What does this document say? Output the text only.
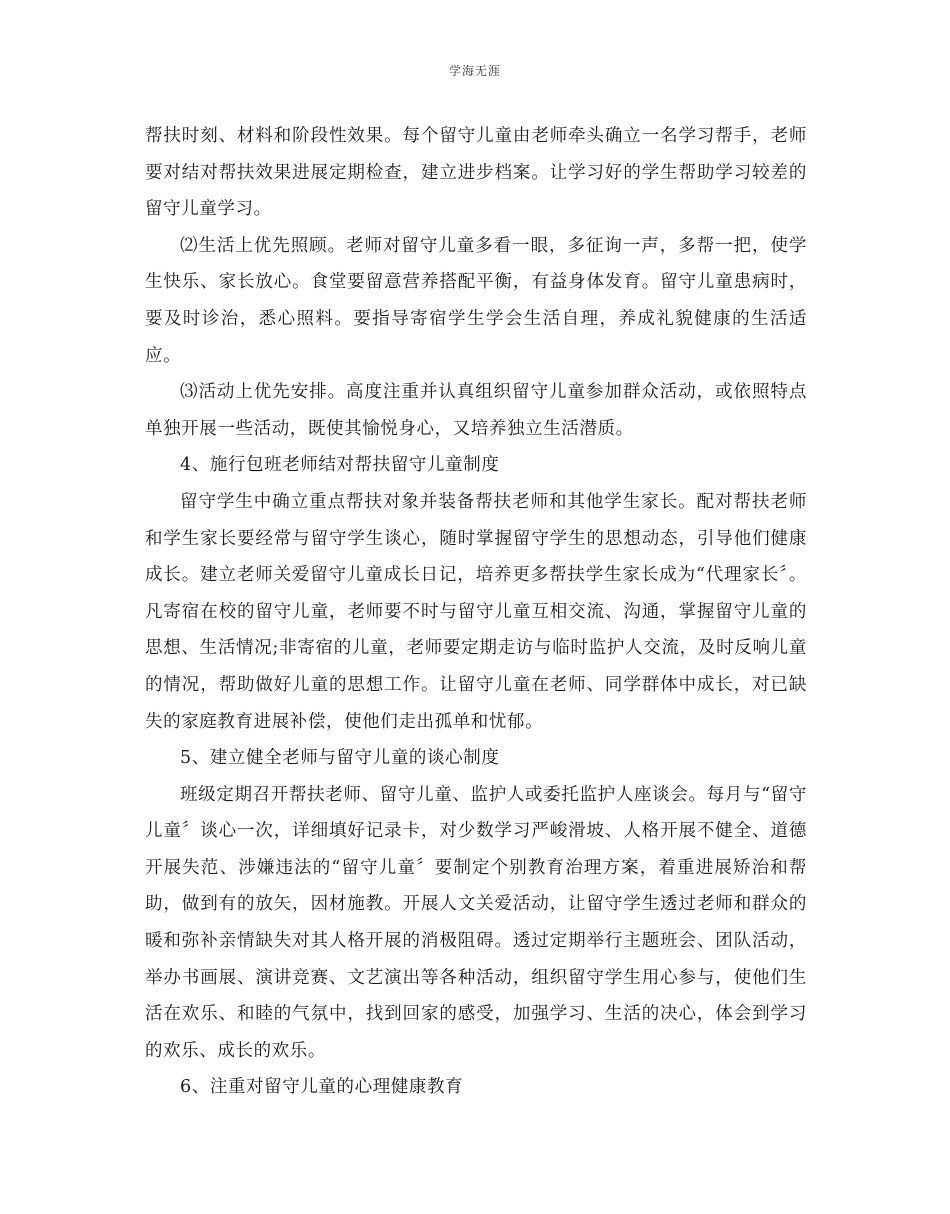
学海无涯

帮扶时刻、材料和阶段性效果。每个留守儿童由老师牵头确立一名学习帮手，老师要对结对帮扶效果进展定期检查，建立进步档案。让学习好的学生帮助学习较差的留守儿童学习。

⑵生活上优先照顾。老师对留守儿童多看一眼，多征询一声，多帮一把，使学生快乐、家长放心。食堂要留意营养搭配平衡，有益身体发育。留守儿童患病时，要及时诊治，悉心照料。要指导寄宿学生学会生活自理，养成礼貌健康的生活适应。

⑶活动上优先安排。高度注重并认真组织留守儿童参加群众活动，或依照特点单独开展一些活动，既使其愉悦身心，又培养独立生活潜质。

4、施行包班老师结对帮扶留守儿童制度

留守学生中确立重点帮扶对象并装备帮扶老师和其他学生家长。配对帮扶老师和学生家长要经常与留守学生谈心，随时掌握留守学生的思想动态，引导他们健康成长。建立老师关爱留守儿童成长日记，培养更多帮扶学生家长成为“代理家长〞。凡寄宿在校的留守儿童，老师要不时与留守儿童互相交流、沟通，掌握留守儿童的思想、生活情况;非寄宿的儿童，老师要定期走访与临时监护人交流，及时反响儿童的情况，帮助做好儿童的思想工作。让留守儿童在老师、同学群体中成长，对已缺失的家庭教育进展补偿，使他们走出孤单和忧郁。

5、建立健全老师与留守儿童的谈心制度

班级定期召开帮扶老师、留守儿童、监护人或委托监护人座谈会。每月与“留守儿童〞谈心一次，详细填好记录卡，对少数学习严峻滑坡、人格开展不健全、道德开展失范、涉嫌违法的“留守儿童〞要制定个别教育治理方案，着重进展矫治和帮助，做到有的放矢，因材施教。开展人文关爱活动，让留守学生透过老师和群众的暖和弥补亲情缺失对其人格开展的消极阻碍。透过定期举行主题班会、团队活动，举办书画展、演讲竞赛、文艺演出等各种活动，组织留守学生用心参与，使他们生活在欢乐、和睦的气氛中，找到回家的感受，加强学习、生活的决心，体会到学习的欢乐、成长的欢乐。

6、注重对留守儿童的心理健康教育
